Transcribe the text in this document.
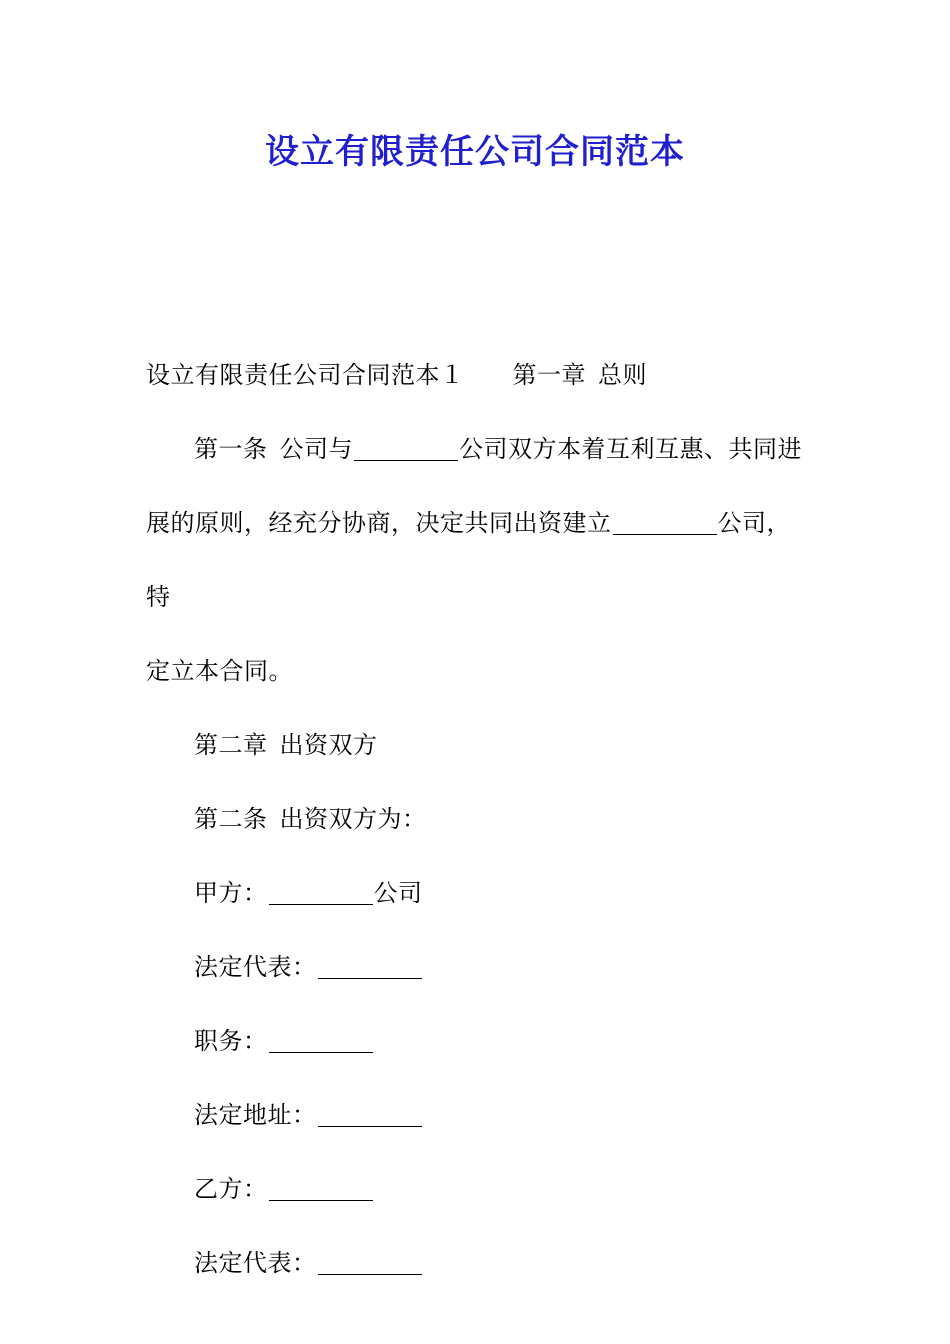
设立有限责任公司合同范本

设立有限责任公司合同范本１ 第一章 总则

第一条 公司与	公司双方本着互利互惠、共同进
展的原则，经充分协商，决定共同出资建立	公司，特
定立本合同。

第二章 出资双方

第二条 出资双方为：

甲方：	公司

法定代表：

职务：

法定地址：

乙方：

法定代表：
